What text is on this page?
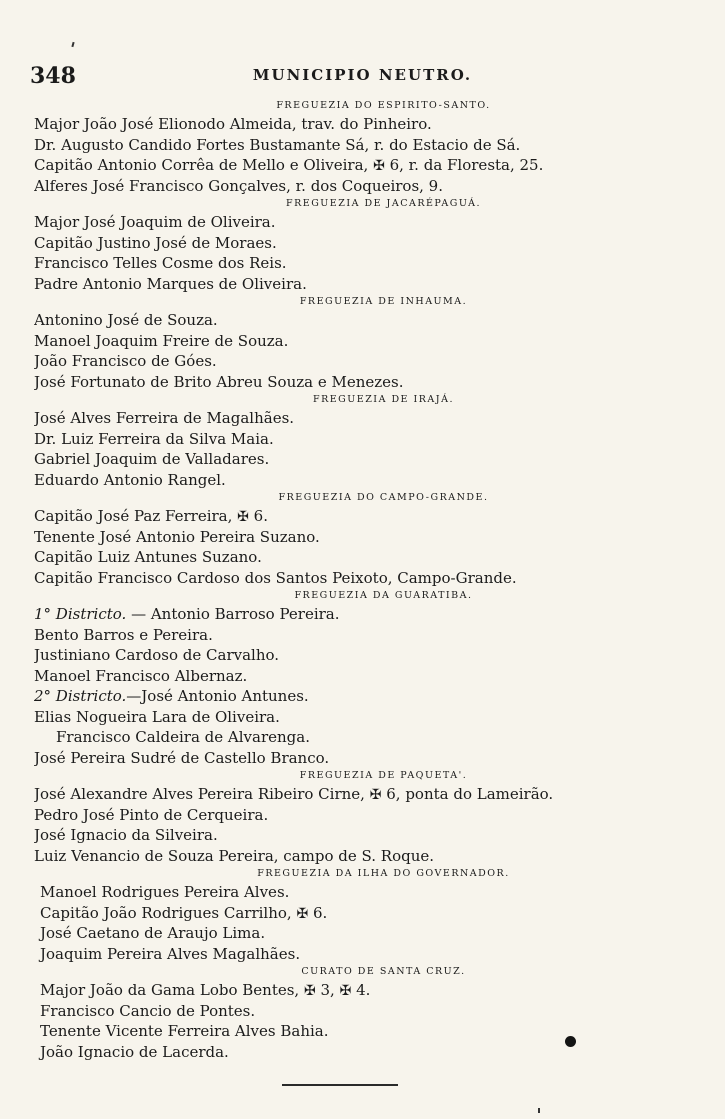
348	MUNICIPIO NEUTRO.
FREGUEZIA DO ESPIRITO-SANTO.
Major João José Elionodo Almeida, trav. do Pinheiro.
Dr. Augusto Candido Fortes Bustamante Sá, r. do Estacio de Sá.
Capitão Antonio Corrêa de Mello e Oliveira, ✠ 6, r. da Floresta, 25.
Alferes José Francisco Gonçalves, r. dos Coqueiros, 9.
FREGUEZIA DE JACARÉPAGUÁ.
Major José Joaquim de Oliveira.
Capitão Justino José de Moraes.
Francisco Telles Cosme dos Reis.
Padre Antonio Marques de Oliveira.
FREGUEZIA DE INHAUMA.
Antonino José de Souza.
Manoel Joaquim Freire de Souza.
João Francisco de Góes.
José Fortunato de Brito Abreu Souza e Menezes.
FREGUEZIA DE IRAJÁ.
José Alves Ferreira de Magalhães.
Dr. Luiz Ferreira da Silva Maia.
Gabriel Joaquim de Valladares.
Eduardo Antonio Rangel.
FREGUEZIA DO CAMPO-GRANDE.
Capitão José Paz Ferreira, ✠ 6.
Tenente José Antonio Pereira Suzano.
Capitão Luiz Antunes Suzano.
Capitão Francisco Cardoso dos Santos Peixoto, Campo-Grande.
FREGUEZIA DA GUARATIBA.
1° Districto. — Antonio Barroso Pereira.
Bento Barros e Pereira.
Justiniano Cardoso de Carvalho.
Manoel Francisco Albernaz.
2° Districto.—José Antonio Antunes.
Elias Nogueira Lara de Oliveira.
Francisco Caldeira de Alvarenga.
José Pereira Sudré de Castello Branco.
FREGUEZIA DE PAQUETA'.
José Alexandre Alves Pereira Ribeiro Cirne, ✠ 6, ponta do Lameirão.
Pedro José Pinto de Cerqueira.
José Ignacio da Silveira.
Luiz Venancio de Souza Pereira, campo de S. Roque.
FREGUEZIA DA ILHA DO GOVERNADOR.
Manoel Rodrigues Pereira Alves.
Capitão João Rodrigues Carrilho, ✠ 6.
José Caetano de Araujo Lima.
Joaquim Pereira Alves Magalhães.
CURATO DE SANTA CRUZ.
Major João da Gama Lobo Bentes, ✠ 3, ✠ 4.
Francisco Cancio de Pontes.
Tenente Vicente Ferreira Alves Bahia.
João Ignacio de Lacerda.
